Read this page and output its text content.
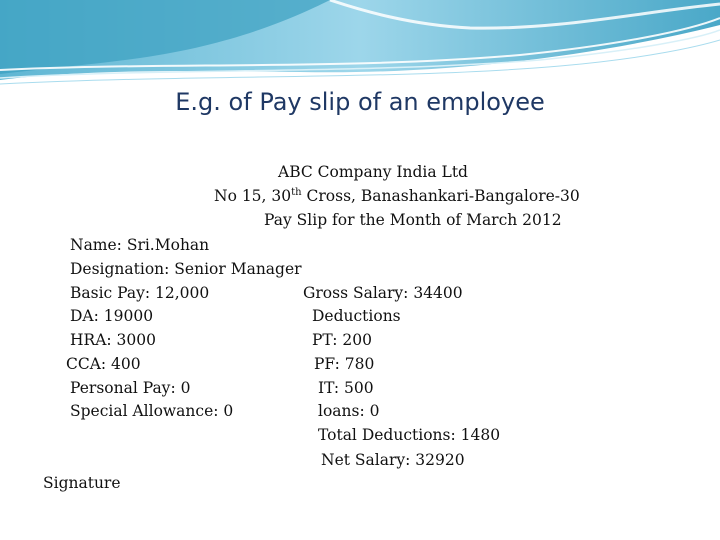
E.g. of Pay slip of an employee
ABC Company India Ltd
No 15, 30th Cross, Banashankari-Bangalore-30
Pay Slip for the Month of March 2012
Name: Sri.Mohan
Designation: Senior Manager
Basic Pay: 12,000
DA: 19000
HRA: 3000
CCA: 400
Personal Pay: 0
Special Allowance: 0
Gross Salary: 34400
Deductions
PT: 200
PF: 780
IT: 500
loans: 0
Total Deductions: 1480
Net Salary: 32920
Signature
